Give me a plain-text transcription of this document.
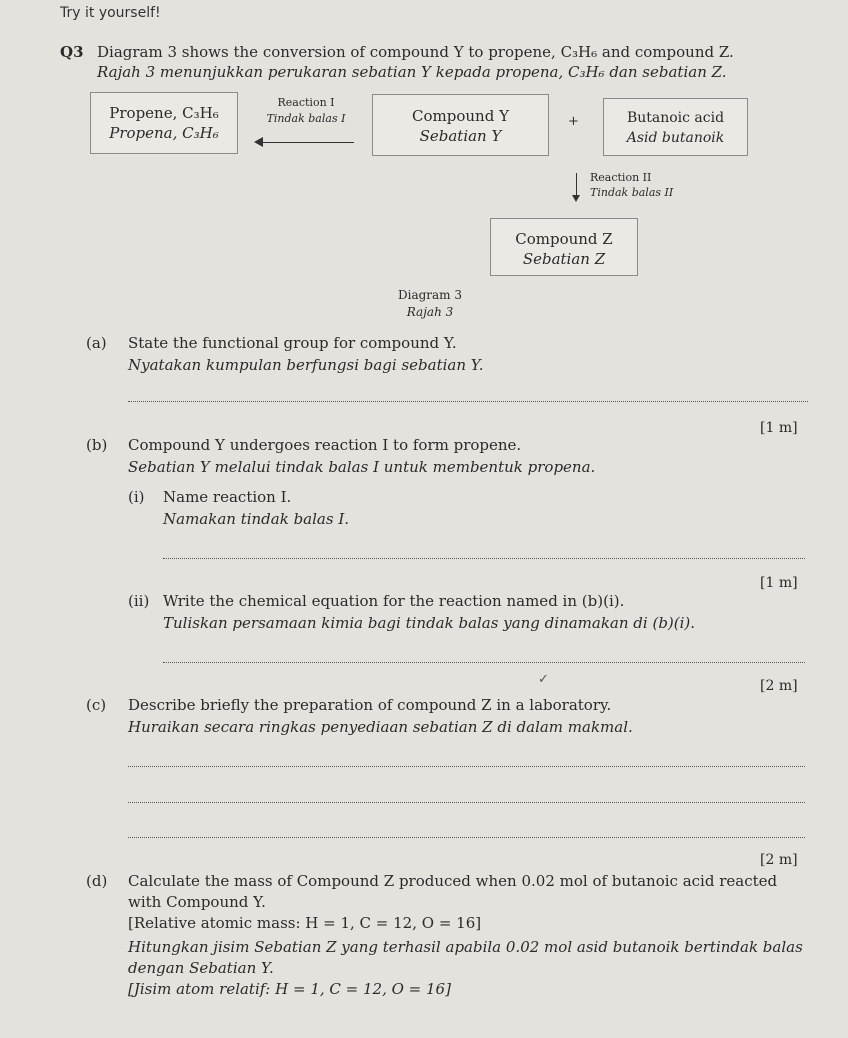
Try it yourself!
Q3 Diagram 3 shows the conversion of compound Y to propene, C₃H₆ and compound Z.
Rajah 3 menunjukkan perukaran sebatian Y kepada propena, C₃H₆ dan sebatian Z.
Propene, C₃H₆
Propena, C₃H₆
Reaction I
Tindak balas I	Compound Y
Sebatian Y
+	Butanoic acid
Asid butanoik
Reaction II
Tindak balas II
Compound Z
Sebatian Z
Diagram 3
Rajah 3
(a) State the functional group for compound Y.
Nyatakan kumpulan berfungsi bagi sebatian Y.
[1 m]
(b) Compound Y undergoes reaction I to form propene.
Sebatian Y melalui tindak balas I untuk membentuk propena.
(i) Name reaction I.
Namakan tindak balas I.
[1 m]
(ii) Write the chemical equation for the reaction named in (b)(i).
Tuliskan persamaan kimia bagi tindak balas yang dinamakan di (b)(i).
✓	[2 m]
(c) Describe briefly the preparation of compound Z in a laboratory.
Huraikan secara ringkas penyediaan sebatian Z di dalam makmal.
[2 m]
(d) Calculate the mass of Compound Z produced when 0.02 mol of butanoic acid reacted
with Compound Y.
[Relative atomic mass: H = 1, C = 12, O = 16]
Hitungkan jisim Sebatian Z yang terhasil apabila 0.02 mol asid butanoik bertindak balas
dengan Sebatian Y.
[Jisim atom relatif: H = 1, C = 12, O = 16]
